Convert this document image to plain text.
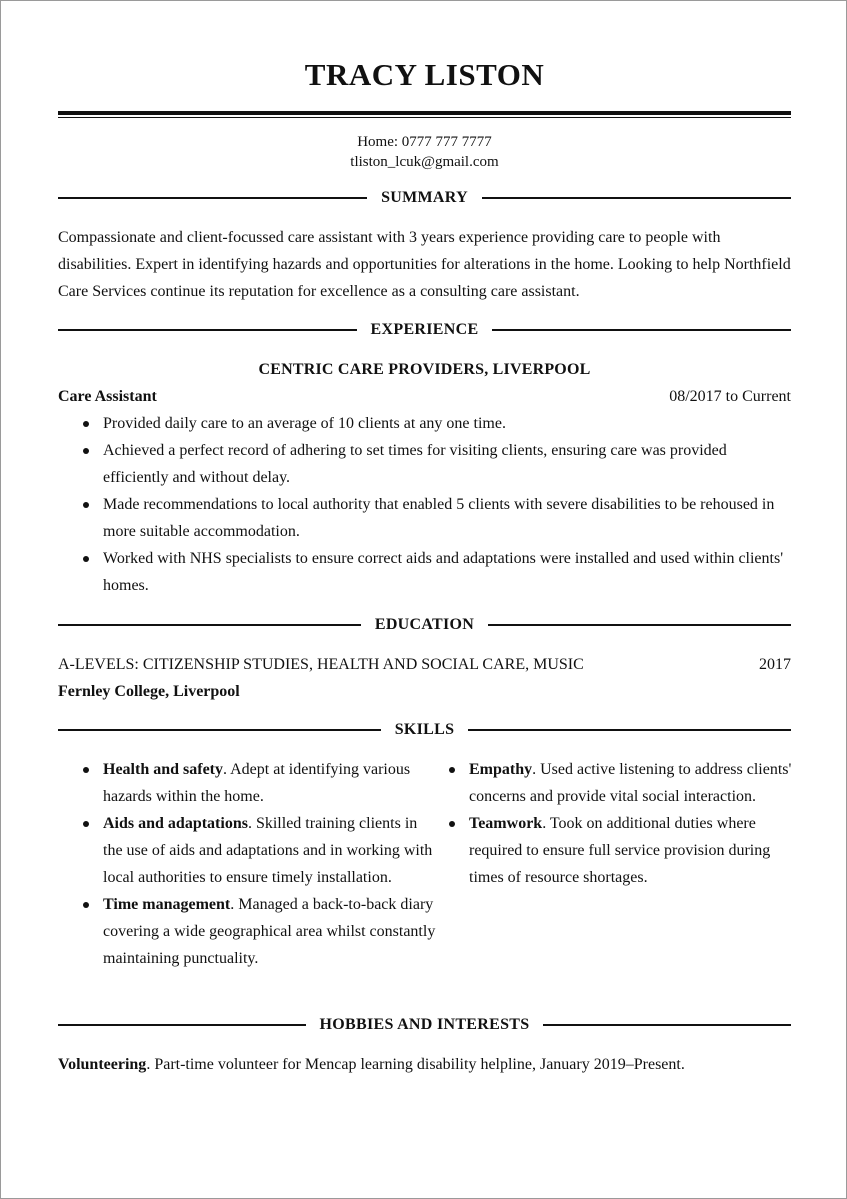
TRACY LISTON
Home: 0777 777 7777
tliston_lcuk@gmail.com
SUMMARY

Compassionate and client-focussed care assistant with 3 years experience providing care to people with disabilities. Expert in identifying hazards and opportunities for alterations in the home. Looking to help Northfield Care Services continue its reputation for excellence as a consulting care assistant.

EXPERIENCE
CENTRIC CARE PROVIDERS, LIVERPOOL
Care Assistant	08/2017 to Current
Provided daily care to an average of 10 clients at any one time.
Achieved a perfect record of adhering to set times for visiting clients, ensuring care was provided efficiently and without delay.
Made recommendations to local authority that enabled 5 clients with severe disabilities to be rehoused in more suitable accommodation.
Worked with NHS specialists to ensure correct aids and adaptations were installed and used within clients' homes.
EDUCATION
A-LEVELS: CITIZENSHIP STUDIES, HEALTH AND SOCIAL CARE, MUSIC	2017
Fernley College, Liverpool
SKILLS
Health and safety. Adept at identifying various hazards within the home.
Aids and adaptations. Skilled training clients in the use of aids and adaptations and in working with local authorities to ensure timely installation.
Time management. Managed a back-to-back diary covering a wide geographical area whilst constantly maintaining punctuality.
Empathy. Used active listening to address clients' concerns and provide vital social interaction.
Teamwork. Took on additional duties where required to ensure full service provision during times of resource shortages.
HOBBIES AND INTERESTS

Volunteering. Part-time volunteer for Mencap learning disability helpline, January 2019–Present.
